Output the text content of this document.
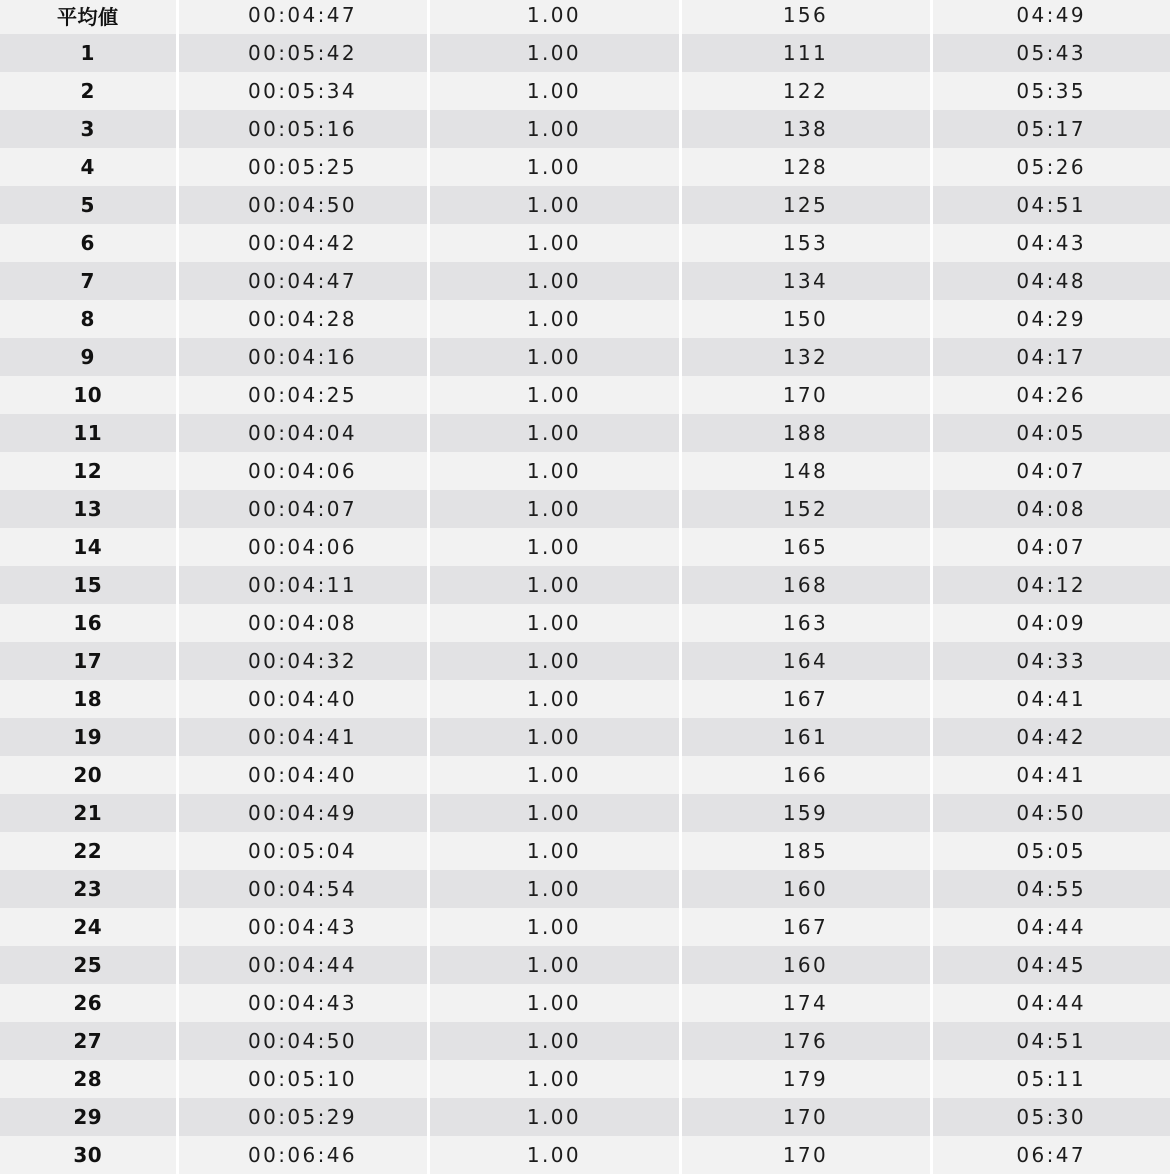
平均値	00:04:47	1.00	156	04:49
1	00:05:42	1.00	111	05:43
2	00:05:34	1.00	122	05:35
3	00:05:16	1.00	138	05:17
4	00:05:25	1.00	128	05:26
5	00:04:50	1.00	125	04:51
6	00:04:42	1.00	153	04:43
7	00:04:47	1.00	134	04:48
8	00:04:28	1.00	150	04:29
9	00:04:16	1.00	132	04:17
10	00:04:25	1.00	170	04:26
11	00:04:04	1.00	188	04:05
12	00:04:06	1.00	148	04:07
13	00:04:07	1.00	152	04:08
14	00:04:06	1.00	165	04:07
15	00:04:11	1.00	168	04:12
16	00:04:08	1.00	163	04:09
17	00:04:32	1.00	164	04:33
18	00:04:40	1.00	167	04:41
19	00:04:41	1.00	161	04:42
20	00:04:40	1.00	166	04:41
21	00:04:49	1.00	159	04:50
22	00:05:04	1.00	185	05:05
23	00:04:54	1.00	160	04:55
24	00:04:43	1.00	167	04:44
25	00:04:44	1.00	160	04:45
26	00:04:43	1.00	174	04:44
27	00:04:50	1.00	176	04:51
28	00:05:10	1.00	179	05:11
29	00:05:29	1.00	170	05:30
30	00:06:46	1.00	170	06:47
